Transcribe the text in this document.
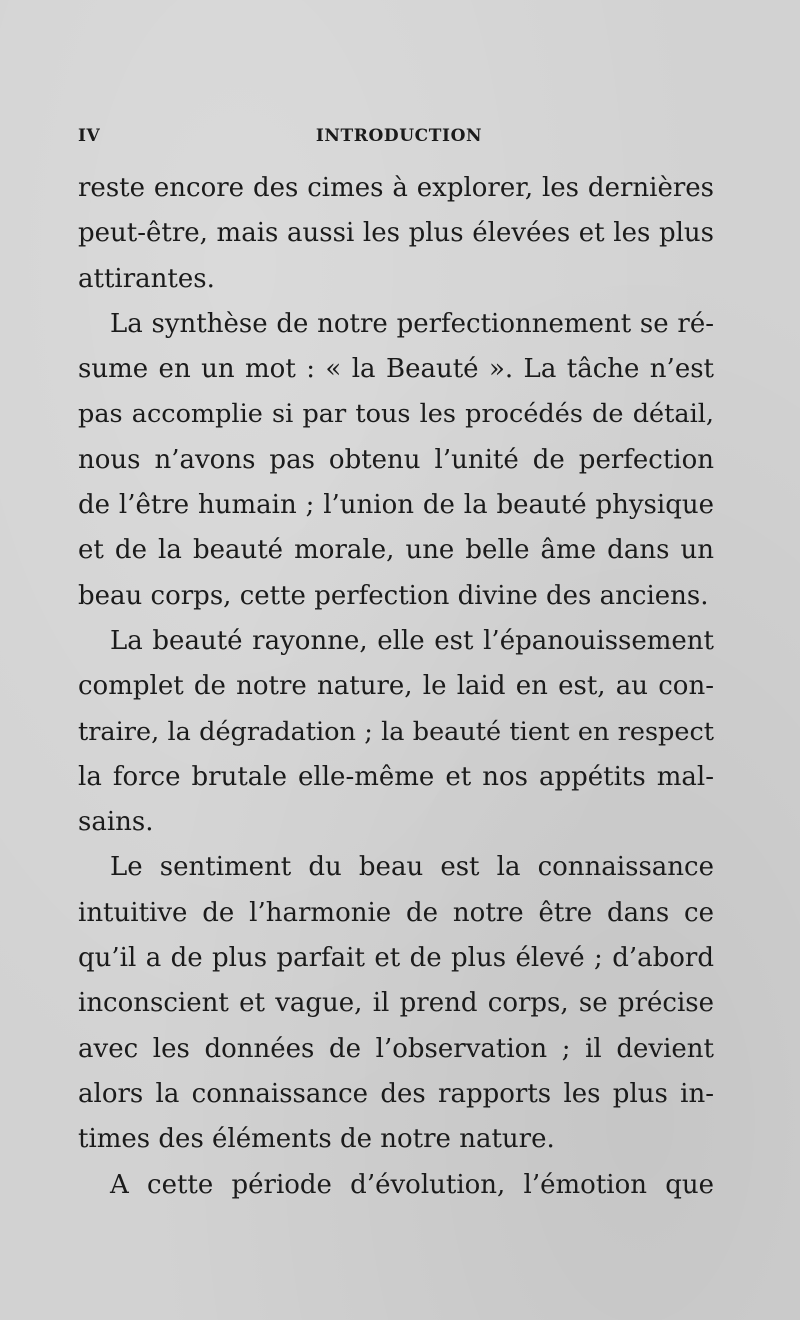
IV	INTRODUCTION
reste encore des cimes à explorer, les dernières
peut-être, mais aussi les plus élevées et les plus
attirantes.
La synthèse de notre perfectionnement se ré-
sume en un mot : « la Beauté ». La tâche n’est
pas accomplie si par tous les procédés de détail,
nous n’avons pas obtenu l’unité de perfection
de l’être humain ; l’union de la beauté physique
et de la beauté morale, une belle âme dans un
beau corps, cette perfection divine des anciens.
La beauté rayonne, elle est l’épanouissement
complet de notre nature, le laid en est, au con-
traire, la dégradation ; la beauté tient en respect
la force brutale elle-même et nos appétits mal-
sains.
Le sentiment du beau est la connaissance
intuitive de l’harmonie de notre être dans ce
qu’il a de plus parfait et de plus élevé ; d’abord
inconscient et vague, il prend corps, se précise
avec les données de l’observation ; il devient
alors la connaissance des rapports les plus in-
times des éléments de notre nature.
A cette période d’évolution, l’émotion que
